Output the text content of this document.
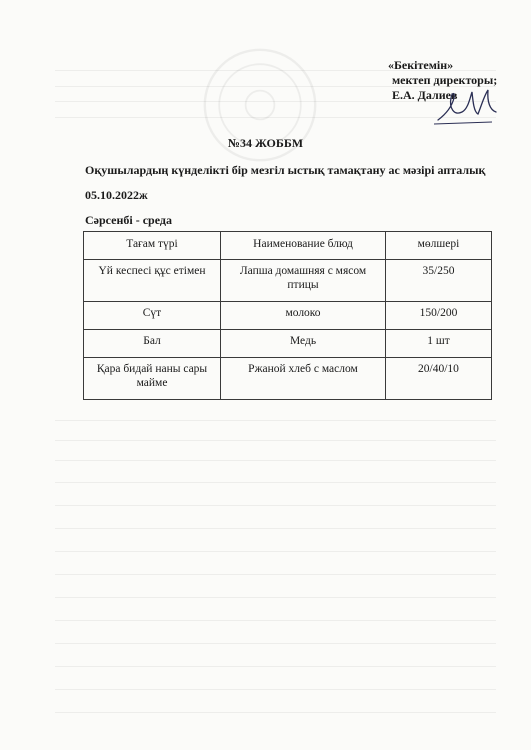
«Бекітемін»
мектеп директоры;
Е.А. Далиев
№34 ЖОББМ
Оқушылардың күнделікті бір мезгіл ыстық тамақтану ас мәзірі апталық
05.10.2022ж
Сәрсенбі - среда
Тағам түрі	Наименование блюд	мөлшері
Үй кеспесі құс етімен	Лапша домашняя с мясом птицы	35/250
Сүт	молоко	150/200
Бал	Медь	1 шт
Қара бидай наны сары майме	Ржаной хлеб с маслом	20/40/10
